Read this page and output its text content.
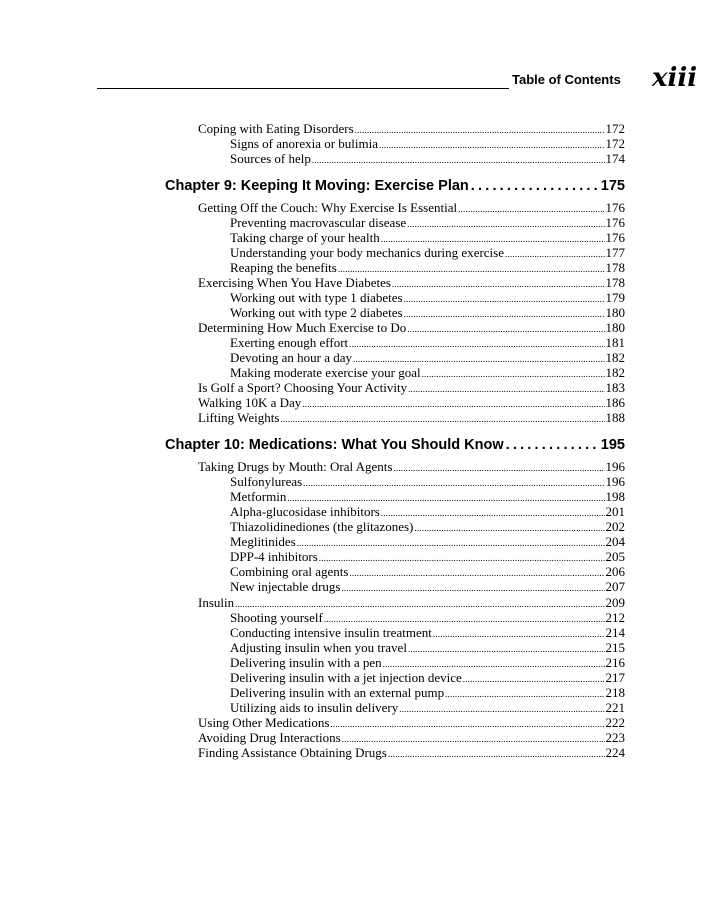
Table of Contents xiii
Coping with Eating Disorders .....	172
Signs of anorexia or bulimia .....	172
Sources of help .....	174
Chapter 9: Keeping It Moving: Exercise Plan .....	175
Getting Off the Couch: Why Exercise Is Essential .....	176
Preventing macrovascular disease .....	176
Taking charge of your health .....	176
Understanding your body mechanics during exercise .....	177
Reaping the benefits .....	178
Exercising When You Have Diabetes .....	178
Working out with type 1 diabetes .....	179
Working out with type 2 diabetes .....	180
Determining How Much Exercise to Do .....	180
Exerting enough effort .....	181
Devoting an hour a day .....	182
Making moderate exercise your goal .....	182
Is Golf a Sport? Choosing Your Activity .....	183
Walking 10K a Day .....	186
Lifting Weights .....	188
Chapter 10: Medications: What You Should Know .....	195
Taking Drugs by Mouth: Oral Agents .....	196
Sulfonylureas .....	196
Metformin .....	198
Alpha-glucosidase inhibitors .....	201
Thiazolidinediones (the glitazones) .....	202
Meglitinides .....	204
DPP-4 inhibitors .....	205
Combining oral agents .....	206
New injectable drugs .....	207
Insulin .....	209
Shooting yourself .....	212
Conducting intensive insulin treatment .....	214
Adjusting insulin when you travel .....	215
Delivering insulin with a pen .....	216
Delivering insulin with a jet injection device .....	217
Delivering insulin with an external pump .....	218
Utilizing aids to insulin delivery .....	221
Using Other Medications .....	222
Avoiding Drug Interactions .....	223
Finding Assistance Obtaining Drugs .....	224
